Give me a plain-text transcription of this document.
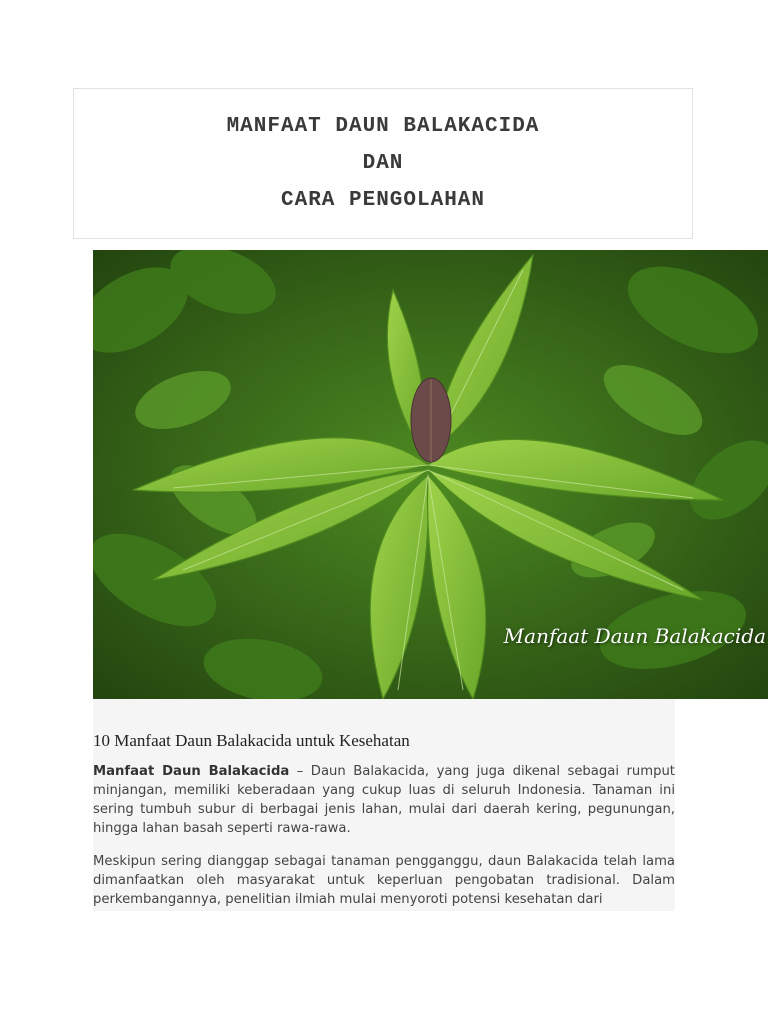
MANFAAT DAUN BALAKACIDA
DAN
CARA PENGOLAHAN
Manfaat Daun Balakacida
10 Manfaat Daun Balakacida untuk Kesehatan

Manfaat Daun Balakacida – Daun Balakacida, yang juga dikenal sebagai rumput minjangan, memiliki keberadaan yang cukup luas di seluruh Indonesia. Tanaman ini sering tumbuh subur di berbagai jenis lahan, mulai dari daerah kering, pegunungan, hingga lahan basah seperti rawa-rawa.

Meskipun sering dianggap sebagai tanaman pengganggu, daun Balakacida telah lama dimanfaatkan oleh masyarakat untuk keperluan pengobatan tradisional. Dalam perkembangannya, penelitian ilmiah mulai menyoroti potensi kesehatan dari
